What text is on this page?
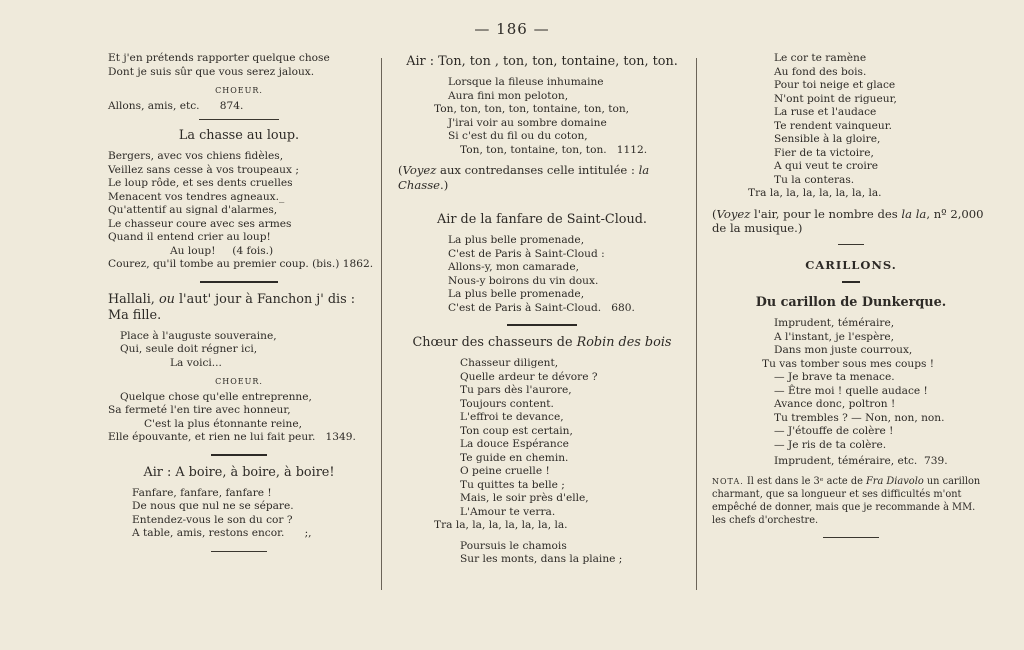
— 186 —
Et j'en prétends rapporter quelque chose
Dont je suis sûr que vous serez jaloux.
CHOEUR.
Allons, amis, etc.      874.
La chasse au loup.
Bergers, avec vos chiens fidèles,
Veillez sans cesse à vos troupeaux ;
Le loup rôde, et ses dents cruelles
Menacent vos tendres agneaux._
Qu'attentif au signal d'alarmes,
Le chasseur coure avec ses armes
Quand il entend crier au loup!
Au loup!     (4 fois.)
Courez, qu'il tombe au premier coup. (bis.) 1862.
Hallali, ou l'aut' jour à Fanchon j' dis : Ma fille.
Place à l'auguste souveraine,
Qui, seule doit régner ici,
La voici...
CHOEUR.
Quelque chose qu'elle entreprenne,
Sa fermeté l'en tire avec honneur,
C'est la plus étonnante reine,
Elle épouvante, et rien ne lui fait peur.   1349.
Air : A boire, à boire, à boire!
Fanfare, fanfare, fanfare !
De nous que nul ne se sépare.
Entendez-vous le son du cor ?
A table, amis, restons encor.      ;,
Air : Ton, ton , ton, ton, tontaine, ton, ton.
Lorsque la fileuse inhumaine
Aura fini mon peloton,
Ton, ton, ton, ton, tontaine, ton, ton,
J'irai voir au sombre domaine
Si c'est du fil ou du coton,
Ton, ton, tontaine, ton, ton.   1112.
(Voyez aux contredanses celle intitulée : la Chasse.)
Air de la fanfare de Saint-Cloud.
La plus belle promenade,
C'est de Paris à Saint-Cloud :
Allons-y, mon camarade,
Nous-y boirons du vin doux.
La plus belle promenade,
C'est de Paris à Saint-Cloud.   680.
Chœur des chasseurs de Robin des bois
Chasseur diligent,
Quelle ardeur te dévore ?
Tu pars dès l'aurore,
Toujours content.
L'effroi te devance,
Ton coup est certain,
La douce Espérance
Te guide en chemin.
O peine cruelle !
Tu quittes ta belle ;
Mais, le soir près d'elle,
L'Amour te verra.
Tra la, la, la, la, la, la, la.
Poursuis le chamois
Sur les monts, dans la plaine ;
Le cor te ramène
Au fond des bois.
Pour toi neige et glace
N'ont point de rigueur,
La ruse et l'audace
Te rendent vainqueur.
Sensible à la gloire,
Fier de ta victoire,
A qui veut te croire
Tu la conteras.
Tra la, la, la, la, la, la, la.
(Voyez l'air, pour le nombre des la la, nº 2,000 de la musique.)
CARILLONS.
Du carillon de Dunkerque.
Imprudent, téméraire,
A l'instant, je l'espère,
Dans mon juste courroux,
Tu vas tomber sous mes coups !
— Je brave ta menace.
— Être moi ! quelle audace !
Avance donc, poltron !
Tu trembles ? — Non, non, non.
— J'étouffe de colère !
— Je ris de ta colère.
Imprudent, téméraire, etc.  739.
NOTA. Il est dans le 3ᵉ acte de Fra Diavolo un carillon charmant, que sa longueur et ses difficultés m'ont empêché de donner, mais que je recommande à MM. les chefs d'orchestre.
